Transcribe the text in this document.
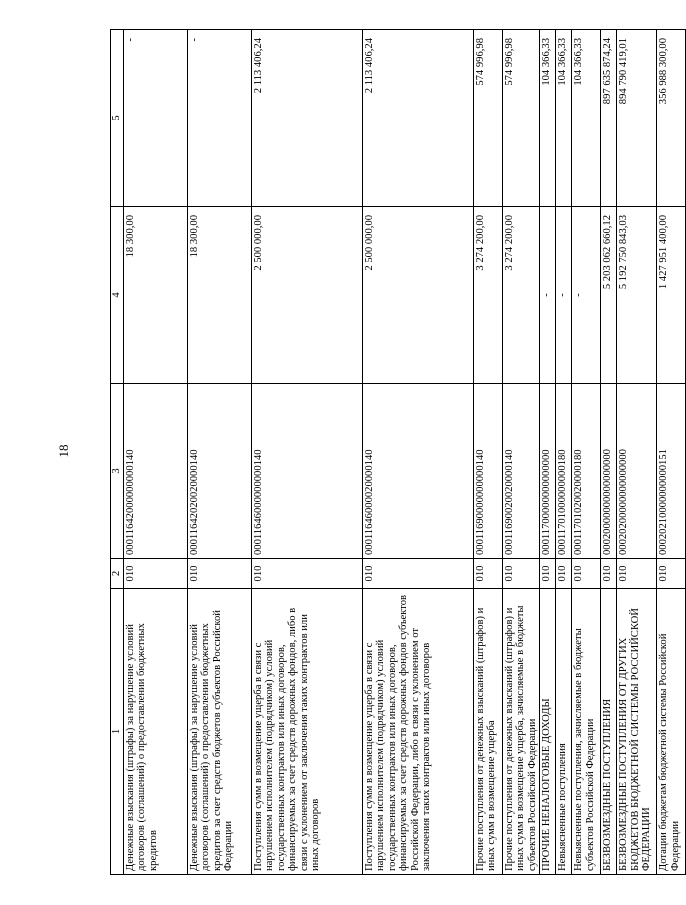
18
1	2	3	4	5
Денежные взыскания (штрафы) за нарушение условий договоров (соглашений) о предоставлении бюджетных кредитов	010	00011642000000000140	18 300,00	-
Денежные взыскания (штрафы) за нарушение условий договоров (соглашений) о предоставлении бюджетных кредитов за счет средств бюджетов субъектов Российской Федерации	010	00011642020020000140	18 300,00	-
Поступления сумм в возмещение ущерба в связи с нарушением исполнителем (подрядчиком) условий государственных контрактов или иных договоров, финансируемых за счет средств дорожных фондов, либо в связи с уклонением от заключения таких контрактов или иных договоров	010	00011646000000000140	2 500 000,00	2 113 406,24
Поступления сумм в возмещение ущерба в связи с нарушением исполнителем (подрядчиком) условий государственных контрактов или иных договоров, финансируемых за счет средств дорожных фондов субъектов Российской Федерации, либо в связи с уклонением от заключения таких контрактов или иных договоров	010	00011646000020000140	2 500 000,00	2 113 406,24
Прочие поступления от денежных взысканий (штрафов) и иных сумм в возмещение ущерба	010	00011690000000000140	3 274 200,00	574 996,98
Прочие поступления от денежных взысканий (штрафов) и иных сумм в возмещение ущерба, зачисляемые в бюджеты субъектов Российской Федерации	010	00011690020020000140	3 274 200,00	574 996,98
ПРОЧИЕ НЕНАЛОГОВЫЕ ДОХОДЫ	010	00011700000000000000	-	104 366,33
Невыясненные поступления	010	00011701000000000180	-	104 366,33
Невыясненные поступления, зачисляемые в бюджеты субъектов Российской Федерации	010	00011701020020000180	-	104 366,33
БЕЗВОЗМЕЗДНЫЕ ПОСТУПЛЕНИЯ	010	00020000000000000000	5 203 062 660,12	897 635 874,24
БЕЗВОЗМЕЗДНЫЕ ПОСТУПЛЕНИЯ ОТ ДРУГИХ БЮДЖЕТОВ БЮДЖЕТНОЙ СИСТЕМЫ РОССИЙСКОЙ ФЕДЕРАЦИИ	010	00020200000000000000	5 192 750 843,03	894 790 419,01
Дотации бюджетам бюджетной системы Российской Федерации	010	00020210000000000151	1 427 951 400,00	356 988 300,00
